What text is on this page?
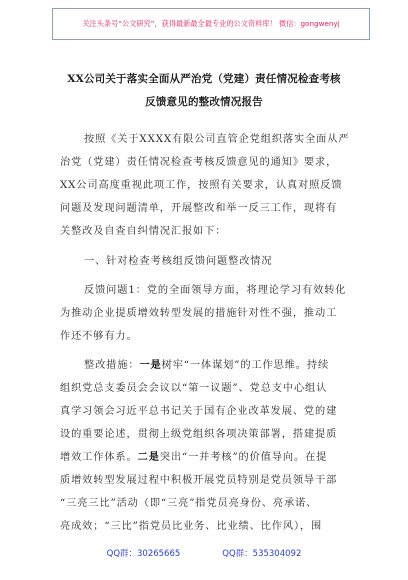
关注头条号“公文研究”，获得最新最全最专业的公文资料库！ 微信：gongwenyj
XX公司关于落实全面从严治党（党建）责任情况检查考核
反馈意见的整改情况报告
按照《关于XXXX有限公司直管企党组织落实全面从严
治党（党建）责任情况检查考核反馈意见的通知》要求，
XX公司高度重视此项工作，按照有关要求，认真对照反馈
问题及发现问题清单，开展整改和举一反三工作，现将有
关整改及自查自纠情况汇报如下：
一、针对检查考核组反馈问题整改情况
反馈问题1：党的全面领导方面，将理论学习有效转化
为推动企业提质增效转型发展的措施针对性不强，推动工
作还不够有力。
整改措施：一是树牢“一体谋划”的工作思维。持续
组织党总支委员会会议以“第一议题”、党总支中心组认
真学习领会习近平总书记关于国有企业改革发展、党的建
设的重要论述，贯彻上级党组织各项决策部署，搭建提质
增效工作体系。二是突出“一并考核”的价值导向。在提
质增效转型发展过程中积极开展党员特别是党员领导干部
“三亮三比”活动（即“三亮”指党员亮身份、亮承诺、
亮成效；“三比”指党员比业务、比业绩、比作风），围
QQ群：30265665	QQ群：535304092
